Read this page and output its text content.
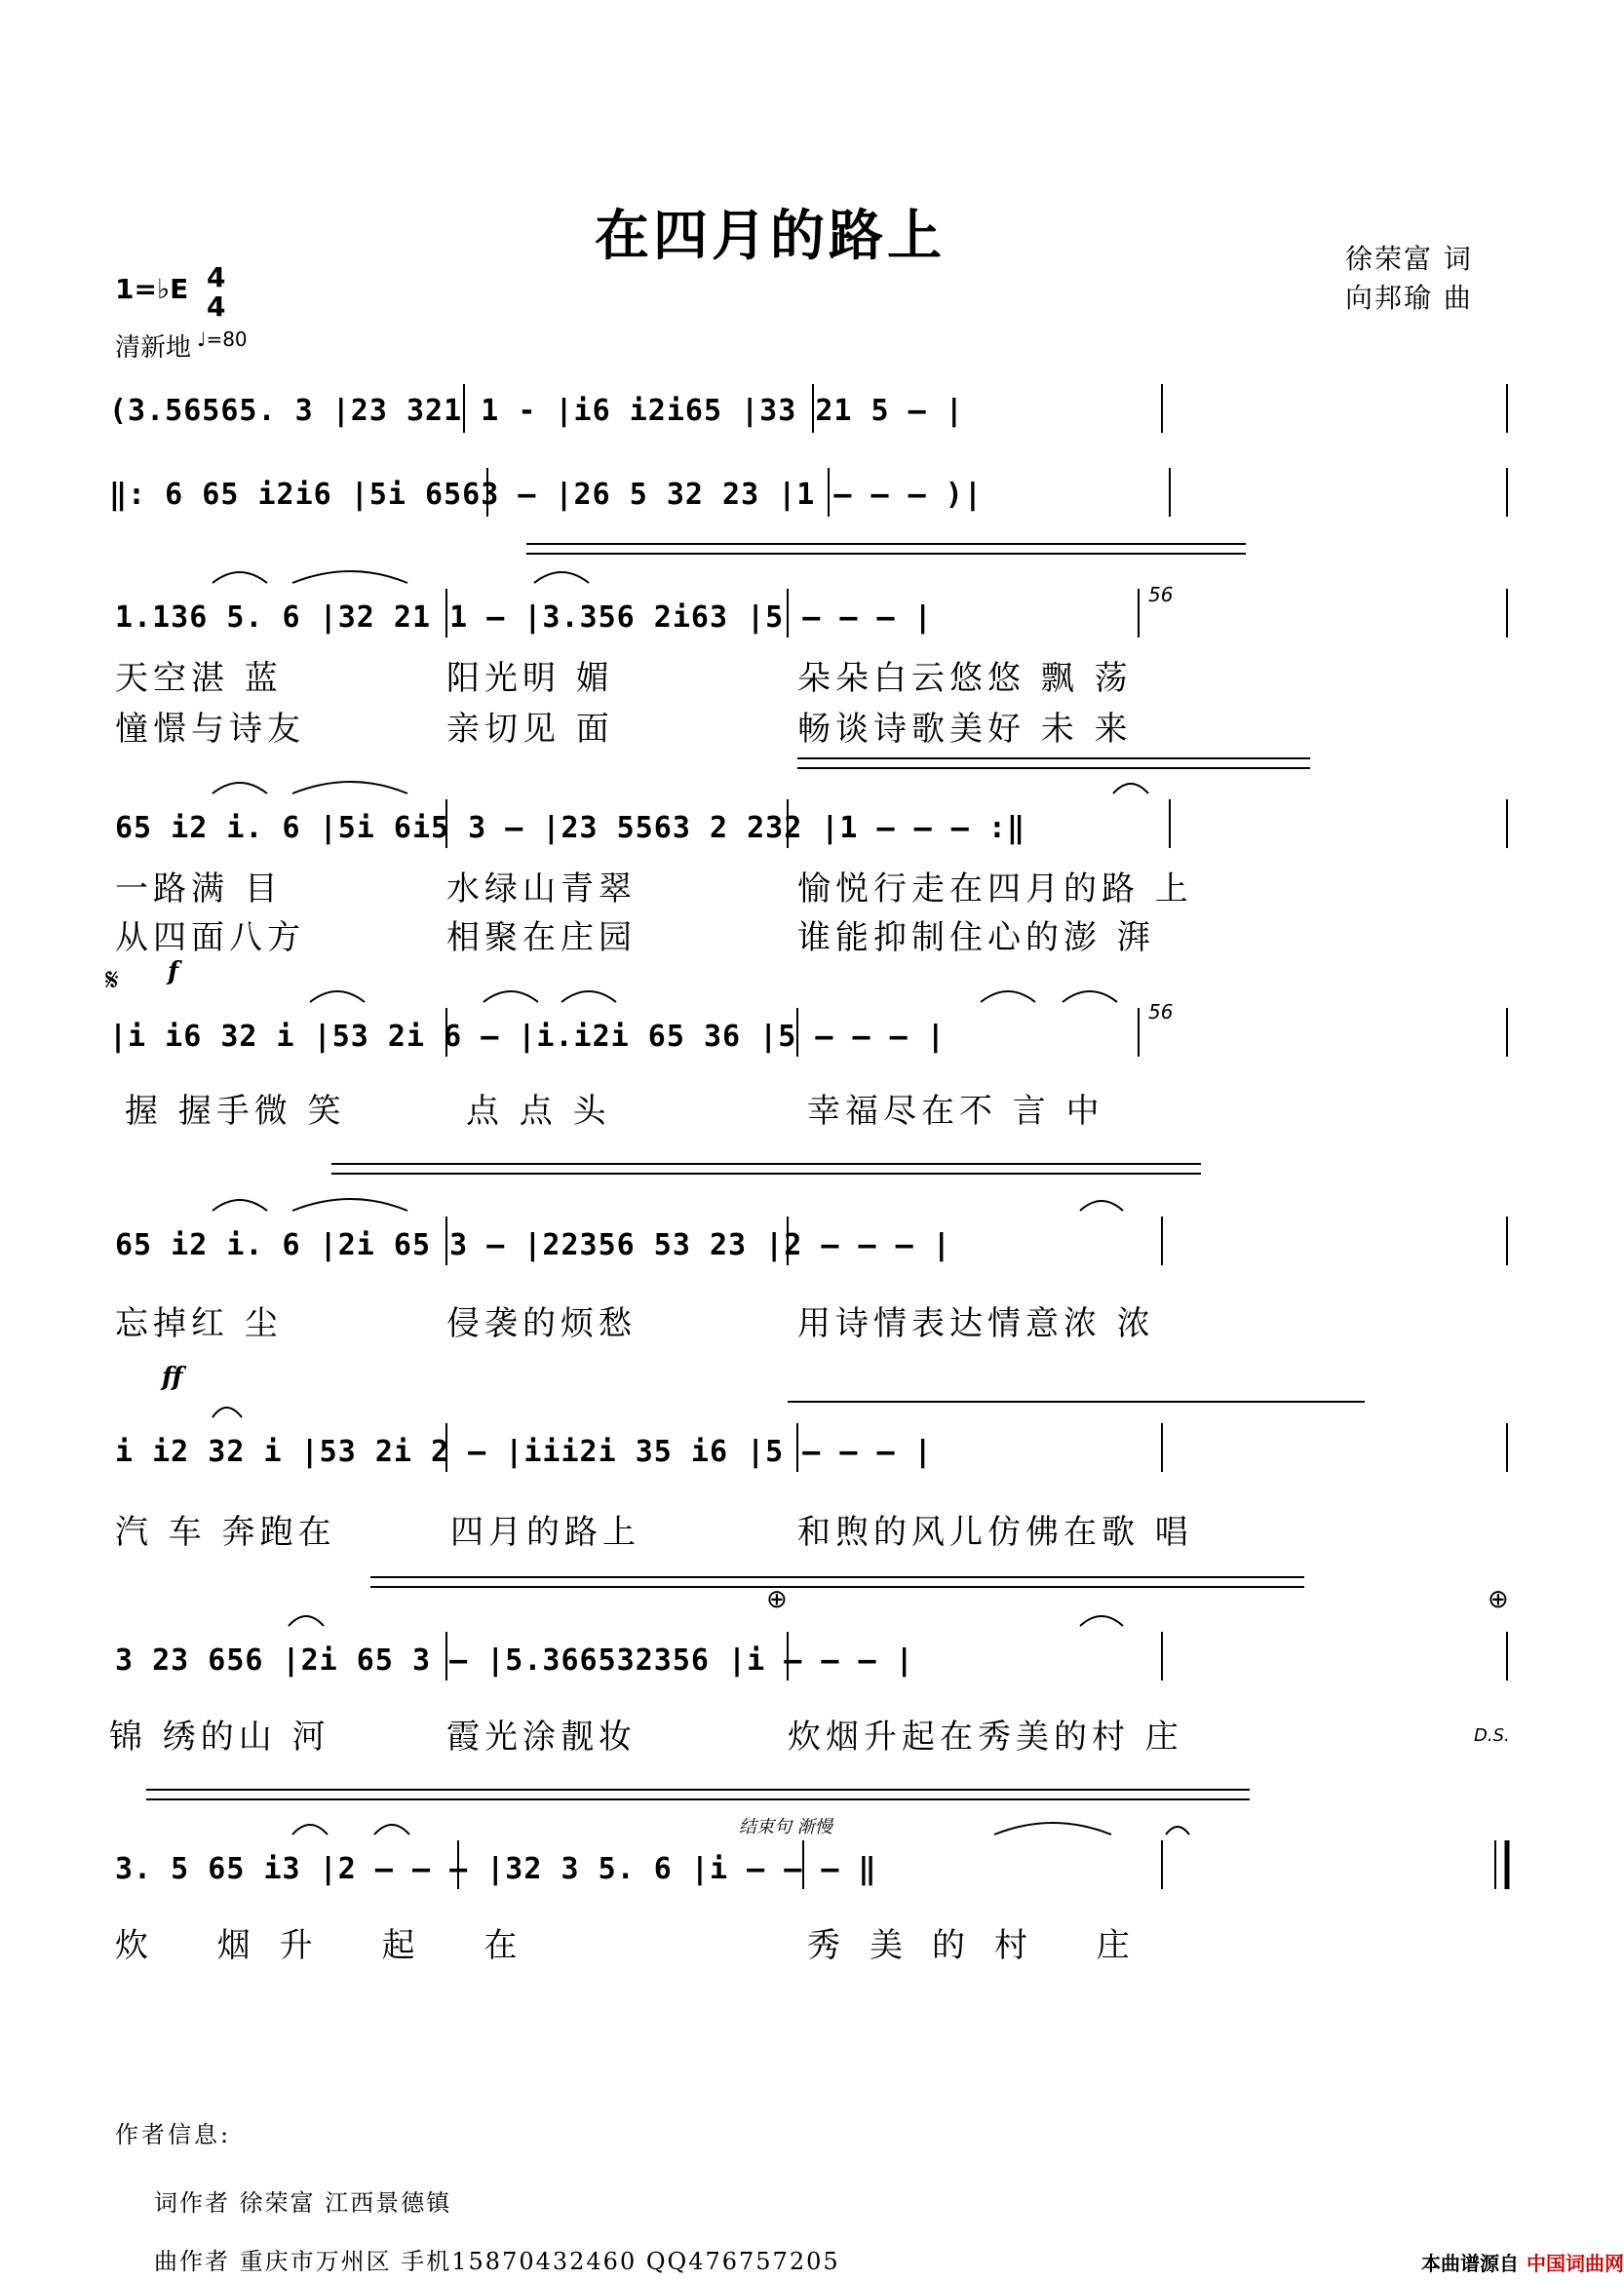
在四月的路上	徐荣富 词
向邦瑜 曲
1=♭E 4
4
清新地 ♩=80
(3.56565. 3 |23 321 1 - |i6 i2i65 |33 21 5 – |
‖: 6 65 i2i6 |5i 6563 – |26 5 32 23 |1 – – – )|
1.136 5. 6 |32 21 1 – |3.356 2i63 |5 – – – |
56
天空湛 蓝	阳光明 媚	朵朵白云悠悠 飘 荡
憧憬与诗友	亲切见 面	畅谈诗歌美好 未 来
65 i2 i. 6 |5i 6i5 3 – |23 5563 2 232 |1 – – – :‖
一路满 目	水绿山青翠	愉悦行走在四月的路 上
从四面八方	相聚在庄园	谁能抑制住心的澎 湃
𝄋 f
|i i6 32 i |53 2i 6 – |i.i2i 65 36 |5 – – – |
56
握 握手微 笑	点 点 头	幸福尽在不 言 中
65 i2 i. 6 |2i 65 3 – |22356 53 23 |2 – – – |
忘掉红 尘	侵袭的烦愁	用诗情表达情意浓 浓
ff
i i2 32 i |53 2i 2 – |iii2i 35 i6 |5 – – – |
汽 车 奔跑在	四月的路上	和煦的风儿仿佛在歌 唱
⊕	⊕
3 23 656 |2i 65 3 – |5.366532356 |i – – – |
锦 绣的山 河	霞光涂靓妆	炊烟升起在秀美的村 庄	D.S.
结束句 渐慢
3. 5 65 i3 |2 – – – |32 3 5. 6 |i – – – ‖
炊 烟升 起 在	秀美的村 庄
作者信息:
词作者 徐荣富 江西景德镇
曲作者 重庆市万州区 手机15870432460 QQ476757205	本曲谱源自 中国词曲网
